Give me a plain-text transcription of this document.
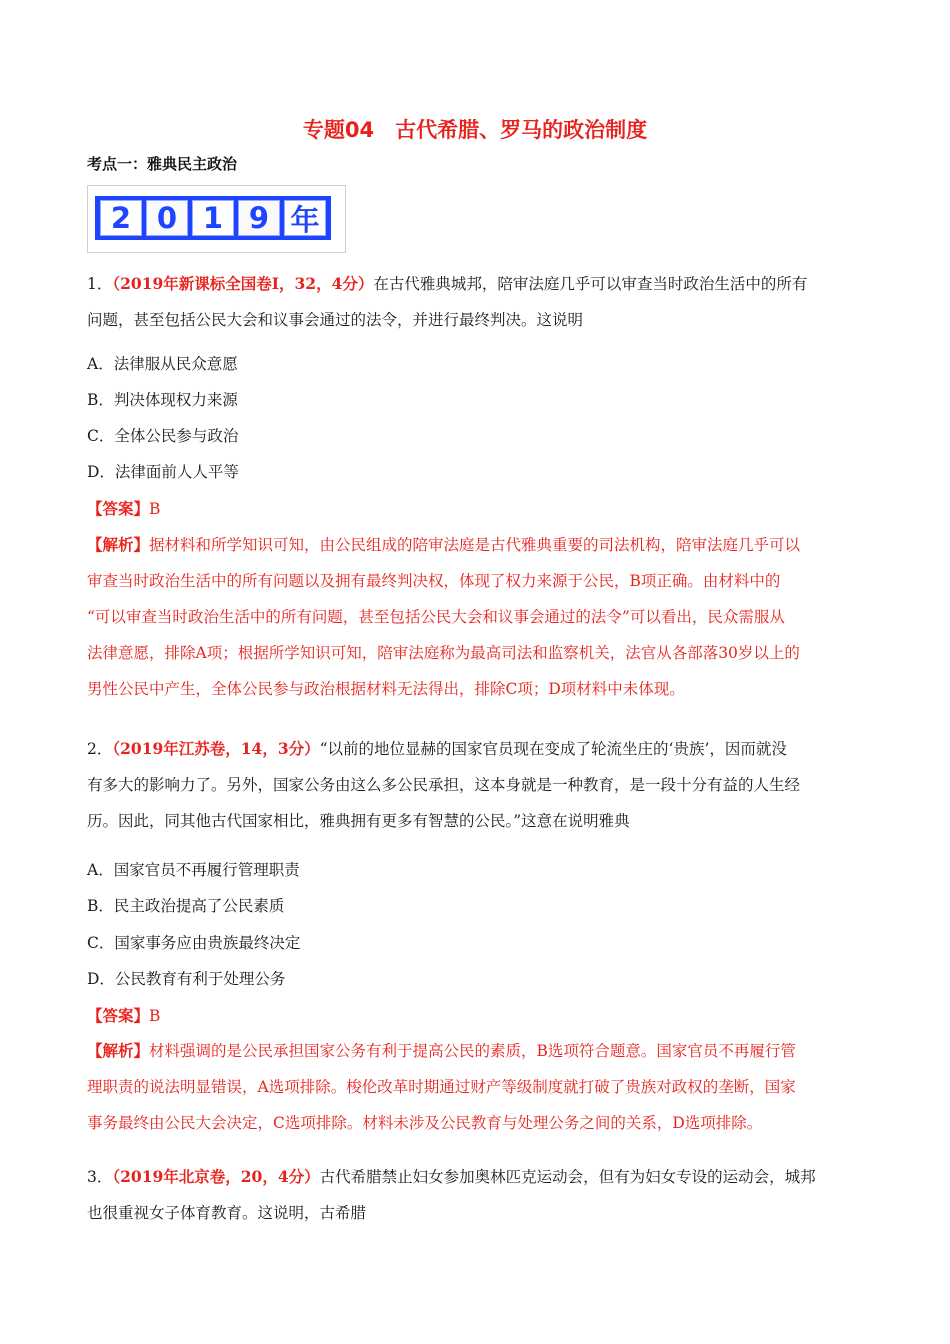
专题04　古代希腊、罗马的政治制度
考点一：雅典民主政治
2 0 1 9 年
1．（2019年新课标全国卷Ⅰ，32，4分）在古代雅典城邦，陪审法庭几乎可以审查当时政治生活中的所有
问题，甚至包括公民大会和议事会通过的法令，并进行最终判决。这说明
A．法律服从民众意愿
B．判决体现权力来源
C．全体公民参与政治
D．法律面前人人平等
【答案】B
【解析】据材料和所学知识可知，由公民组成的陪审法庭是古代雅典重要的司法机构，陪审法庭几乎可以
审查当时政治生活中的所有问题以及拥有最终判决权，体现了权力来源于公民，B项正确。由材料中的
“可以审查当时政治生活中的所有问题，甚至包括公民大会和议事会通过的法令”可以看出，民众需服从
法律意愿，排除A项；根据所学知识可知，陪审法庭称为最高司法和监察机关，法官从各部落30岁以上的
男性公民中产生，全体公民参与政治根据材料无法得出，排除C项；D项材料中未体现。
2．（2019年江苏卷，14，3分）“以前的地位显赫的国家官员现在变成了轮流坐庄的‘贵族’，因而就没
有多大的影响力了。另外，国家公务由这么多公民承担，这本身就是一种教育，是一段十分有益的人生经
历。因此，同其他古代国家相比，雅典拥有更多有智慧的公民。”这意在说明雅典
A．国家官员不再履行管理职责
B．民主政治提高了公民素质
C．国家事务应由贵族最终决定
D．公民教育有利于处理公务
【答案】B
【解析】材料强调的是公民承担国家公务有利于提高公民的素质，B选项符合题意。国家官员不再履行管
理职责的说法明显错误，A选项排除。梭伦改革时期通过财产等级制度就打破了贵族对政权的垄断，国家
事务最终由公民大会决定，C选项排除。材料未涉及公民教育与处理公务之间的关系，D选项排除。
3．（2019年北京卷，20，4分）古代希腊禁止妇女参加奥林匹克运动会，但有为妇女专设的运动会，城邦
也很重视女子体育教育。这说明，古希腊
